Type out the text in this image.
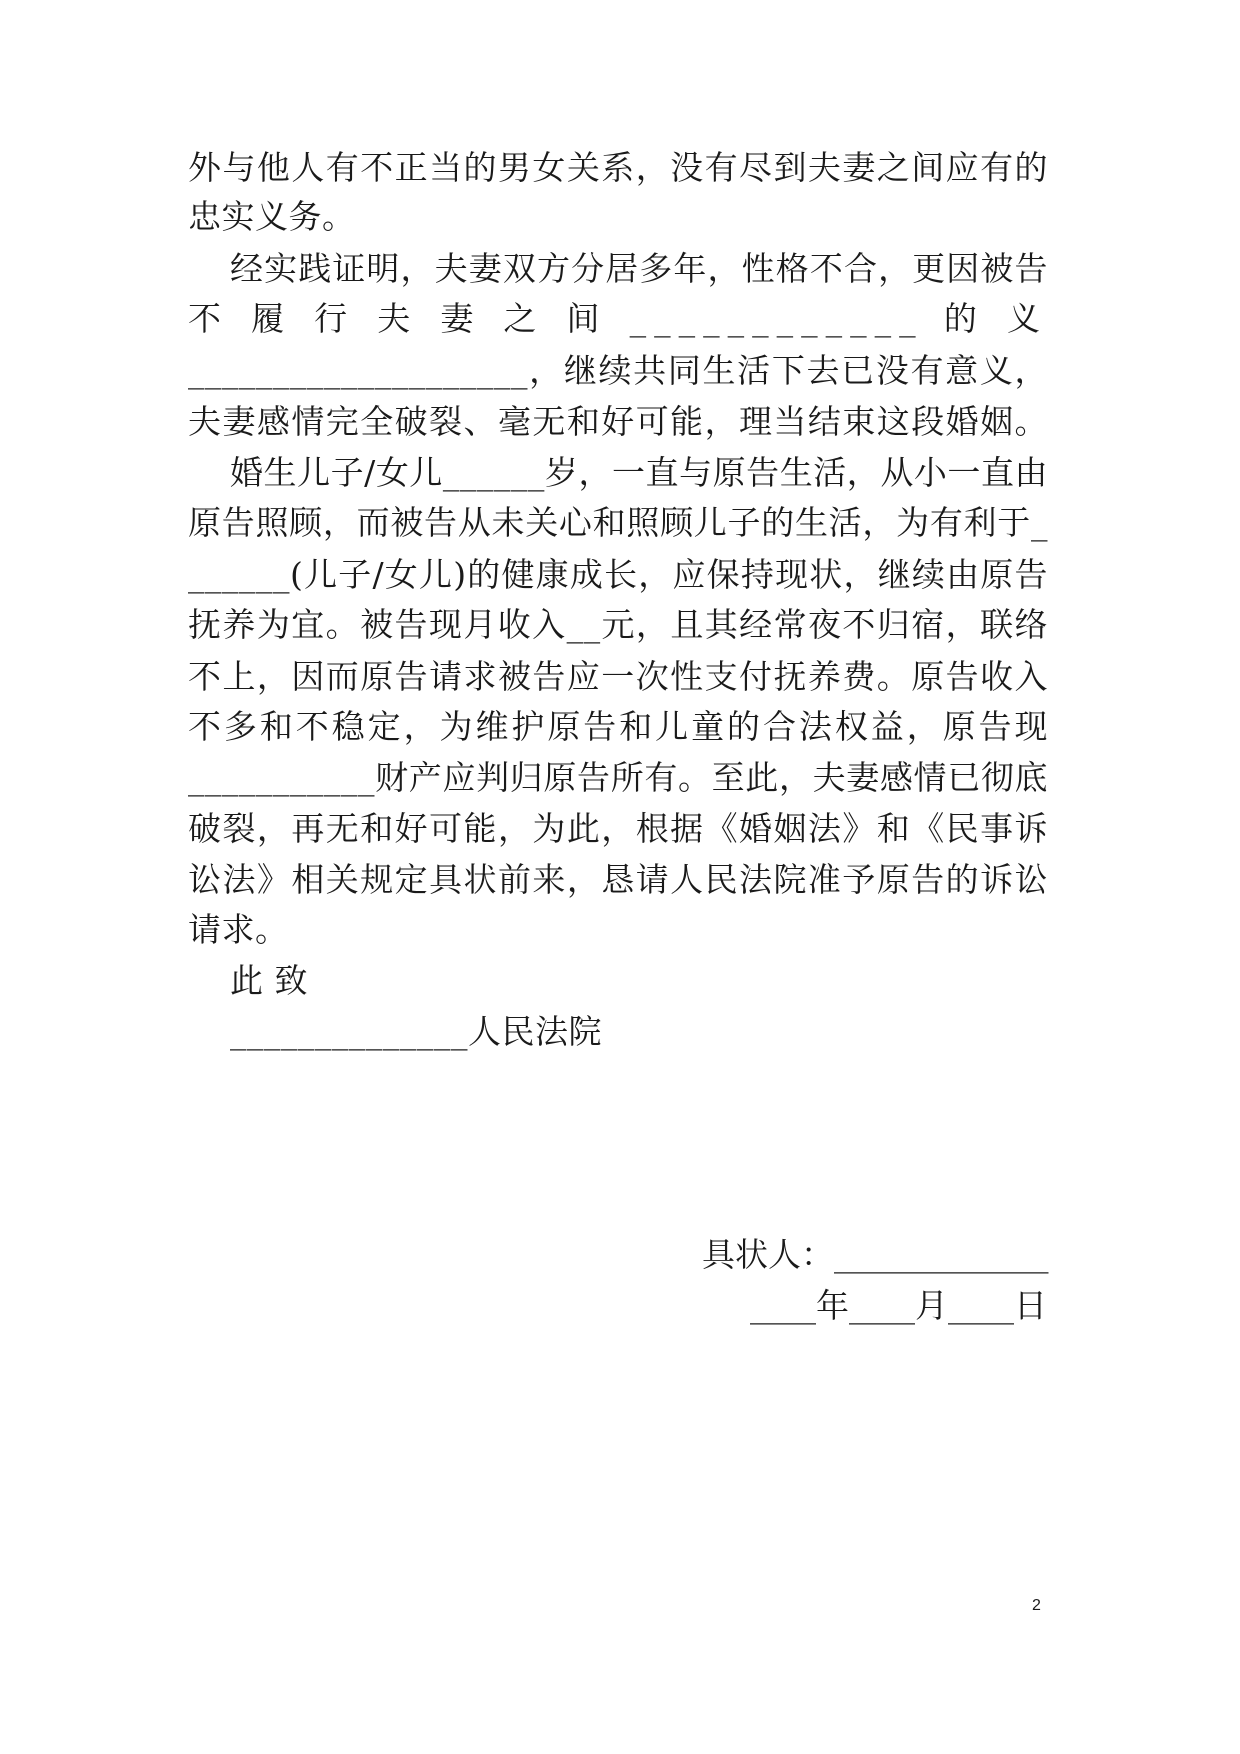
外与他人有不正当的男女关系，没有尽到夫妻之间应有的
忠实义务。
经实践证明，夫妻双方分居多年，性格不合，更因被告
不 履 行 夫 妻 之 间 ____________ 的 义
____________________，继续共同生活下去已没有意义，
夫妻感情完全破裂、毫无和好可能，理当结束这段婚姻。
婚生儿子/女儿______岁，一直与原告生活，从小一直由
原告照顾，而被告从未关心和照顾儿子的生活，为有利于_
______(儿子/女儿)的健康成长，应保持现状，继续由原告
抚养为宜。被告现月收入__元，且其经常夜不归宿，联络
不上，因而原告请求被告应一次性支付抚养费。原告收入
不多和不稳定，为维护原告和儿童的合法权益，原告现
___________财产应判归原告所有。至此，夫妻感情已彻底
破裂，再无和好可能，为此，根据《婚姻法》和《民事诉
讼法》相关规定具状前来，恳请人民法院准予原告的诉讼
请求。
此 致
______________人民法院
具状人：_____________
____年____月____日
2
